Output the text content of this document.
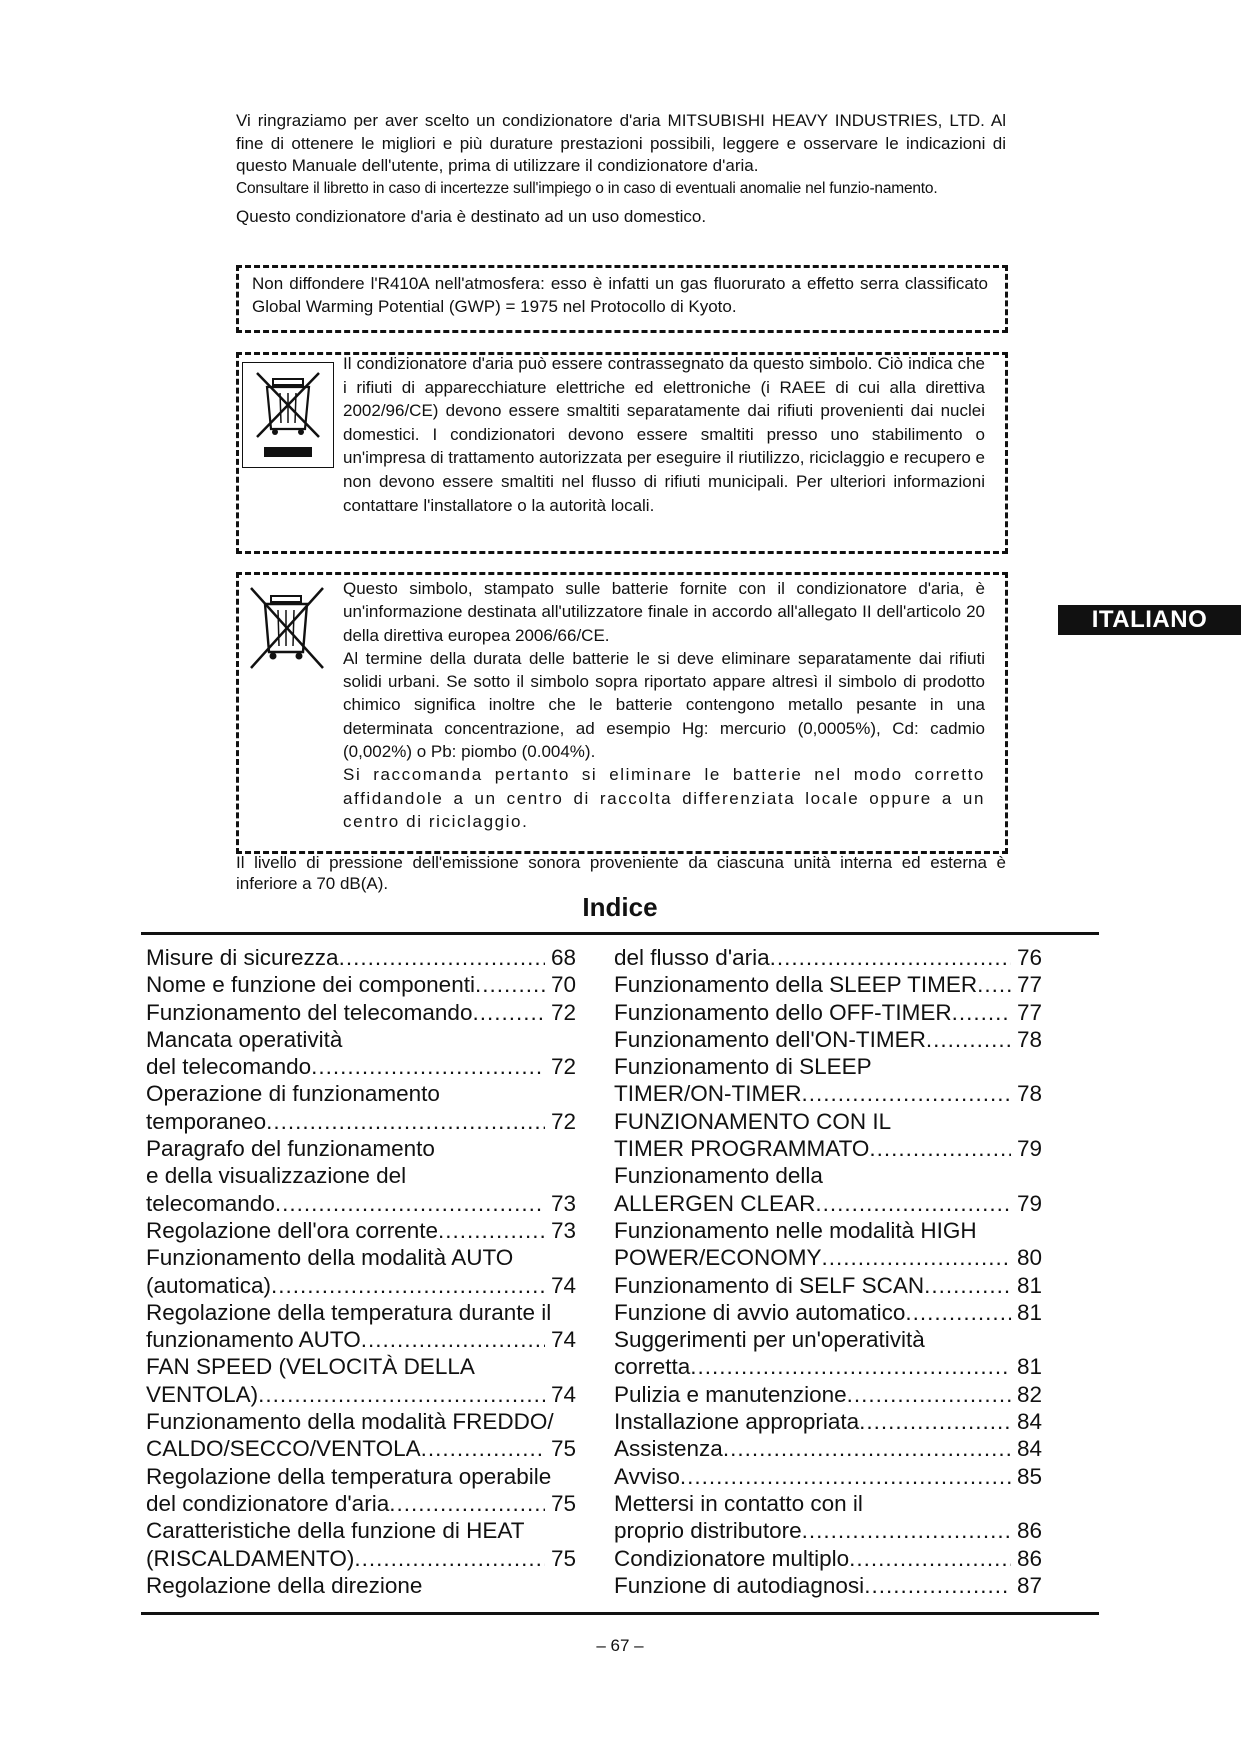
Vi ringraziamo per aver scelto un condizionatore d'aria MITSUBISHI HEAVY INDUSTRIES, LTD. Al fine di ottenere le migliori e più durature prestazioni possibili, leggere e osservare le indicazioni di questo Manuale dell'utente, prima di utilizzare il condizionatore d'aria.
Consultare il libretto in caso di incertezze sull'impiego o in caso di eventuali anomalie nel funzio-namento.
Questo condizionatore d'aria è destinato ad un uso domestico.
Non diffondere l'R410A nell'atmosfera: esso è infatti un gas fluorurato a effetto serra classificato Global Warming Potential (GWP) = 1975 nel Protocollo di Kyoto.
Il condizionatore d'aria può essere contrassegnato da questo simbolo. Ciò indica che i rifiuti di apparecchiature elettriche ed elettroniche (i RAEE di cui alla direttiva 2002/96/CE) devono essere smaltiti separatamente dai rifiuti provenienti dai nuclei domestici. I condizionatori devono essere smaltiti presso uno stabilimento o un'impresa di trattamento autorizzata per eseguire il riutilizzo, riciclaggio e recupero e non devono essere smaltiti nel flusso di rifiuti municipali. Per ulteriori informazioni contattare l'installatore o la autorità locali.
Questo simbolo, stampato sulle batterie fornite con il condizionatore d'aria, è un'informazione destinata all'utilizzatore finale in accordo all'allegato II dell'articolo 20 della direttiva europea 2006/66/CE.
Al termine della durata delle batterie le si deve eliminare separatamente dai rifiuti solidi urbani. Se sotto il simbolo sopra riportato appare altresì il simbolo di prodotto chimico significa inoltre che le batterie contengono metallo pesante in una determinata concentrazione, ad esempio Hg: mercurio (0,0005%), Cd: cadmio (0,002%) o Pb: piombo (0.004%).
Si raccomanda pertanto si eliminare le batterie nel modo corretto affidandole a un centro di raccolta differenziata locale oppure a un centro di riciclaggio.
Il livello di pressione dell'emissione sonora proveniente da ciascuna unità interna ed esterna è inferiore a 70 dB(A).
ITALIANO
Indice
Misure di sicurezza .....	68
Nome e funzione dei componenti .....	70
Funzionamento del telecomando .....	72
Mancata operatività
del telecomando .....	72
Operazione di funzionamento
temporaneo .....	72
Paragrafo del funzionamento
e della visualizzazione del
telecomando .....	73
Regolazione dell'ora corrente .....	73
Funzionamento della modalità AUTO
(automatica) .....	74
Regolazione della temperatura durante il
funzionamento AUTO .....	74
FAN SPEED (VELOCITÀ DELLA
VENTOLA) .....	74
Funzionamento della modalità FREDDO/
CALDO/SECCO/VENTOLA .....	75
Regolazione della temperatura operabile
del condizionatore d'aria .....	75
Caratteristiche della funzione di HEAT
(RISCALDAMENTO) .....	75
Regolazione della direzione
del flusso d'aria .....	76
Funzionamento della SLEEP TIMER ..... 77
Funzionamento dello OFF-TIMER .....	77
Funzionamento dell'ON-TIMER .....	78
Funzionamento di SLEEP
TIMER/ON-TIMER .....	78
FUNZIONAMENTO CON IL
TIMER PROGRAMMATO .....	79
Funzionamento della
ALLERGEN CLEAR .....	79
Funzionamento nelle modalità HIGH
POWER/ECONOMY .....	80
Funzionamento di SELF SCAN .....	81
Funzione di avvio automatico .....	81
Suggerimenti per un'operatività
corretta .....	81
Pulizia e manutenzione .....	82
Installazione appropriata .....	84
Assistenza .....	84
Avviso .....	85
Mettersi in contatto con il
proprio distributore .....	86
Condizionatore multiplo .....	86
Funzione di autodiagnosi .....	87
– 67 –
